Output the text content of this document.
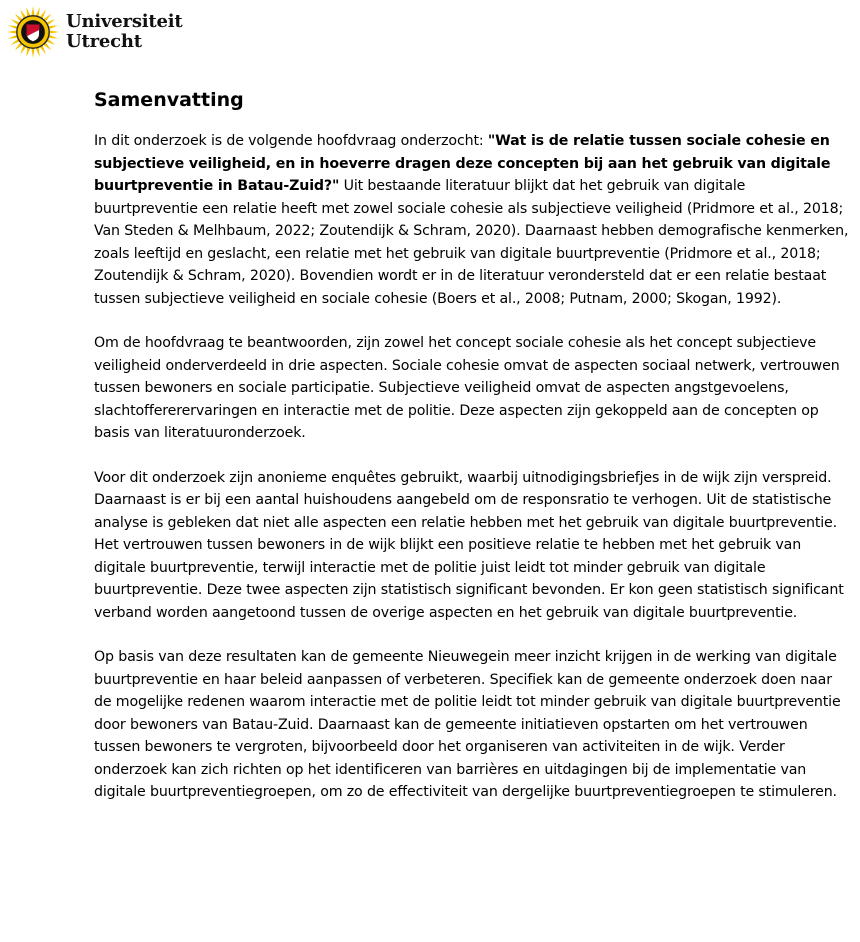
Universiteit
Utrecht
Samenvatting

In dit onderzoek is de volgende hoofdvraag onderzocht: "Wat is de relatie tussen sociale cohesie en subjectieve veiligheid, en in hoeverre dragen deze concepten bij aan het gebruik van digitale buurtpreventie in Batau-Zuid?" Uit bestaande literatuur blijkt dat het gebruik van digitale buurtpreventie een relatie heeft met zowel sociale cohesie als subjectieve veiligheid (Pridmore et al., 2018; Van Steden & Melhbaum, 2022; Zoutendijk & Schram, 2020). Daarnaast hebben demografische kenmerken, zoals leeftijd en geslacht, een relatie met het gebruik van digitale buurtpreventie (Pridmore et al., 2018; Zoutendijk & Schram, 2020). Bovendien wordt er in de literatuur verondersteld dat er een relatie bestaat tussen subjectieve veiligheid en sociale cohesie (Boers et al., 2008; Putnam, 2000; Skogan, 1992).

Om de hoofdvraag te beantwoorden, zijn zowel het concept sociale cohesie als het concept subjectieve veiligheid onderverdeeld in drie aspecten. Sociale cohesie omvat de aspecten sociaal netwerk, vertrouwen tussen bewoners en sociale participatie. Subjectieve veiligheid omvat de aspecten angstgevoelens, slachtoffererervaringen en interactie met de politie. Deze aspecten zijn gekoppeld aan de concepten op basis van literatuuronderzoek.

Voor dit onderzoek zijn anonieme enquêtes gebruikt, waarbij uitnodigingsbriefjes in de wijk zijn verspreid. Daarnaast is er bij een aantal huishoudens aangebeld om de responsratio te verhogen. Uit de statistische analyse is gebleken dat niet alle aspecten een relatie hebben met het gebruik van digitale buurtpreventie. Het vertrouwen tussen bewoners in de wijk blijkt een positieve relatie te hebben met het gebruik van digitale buurtpreventie, terwijl interactie met de politie juist leidt tot minder gebruik van digitale buurtpreventie. Deze twee aspecten zijn statistisch significant bevonden. Er kon geen statistisch significant verband worden aangetoond tussen de overige aspecten en het gebruik van digitale buurtpreventie.

Op basis van deze resultaten kan de gemeente Nieuwegein meer inzicht krijgen in de werking van digitale buurtpreventie en haar beleid aanpassen of verbeteren. Specifiek kan de gemeente onderzoek doen naar de mogelijke redenen waarom interactie met de politie leidt tot minder gebruik van digitale buurtpreventie door bewoners van Batau-Zuid. Daarnaast kan de gemeente initiatieven opstarten om het vertrouwen tussen bewoners te vergroten, bijvoorbeeld door het organiseren van activiteiten in de wijk. Verder onderzoek kan zich richten op het identificeren van barrières en uitdagingen bij de implementatie van digitale buurtpreventiegroepen, om zo de effectiviteit van dergelijke buurtpreventiegroepen te stimuleren.
